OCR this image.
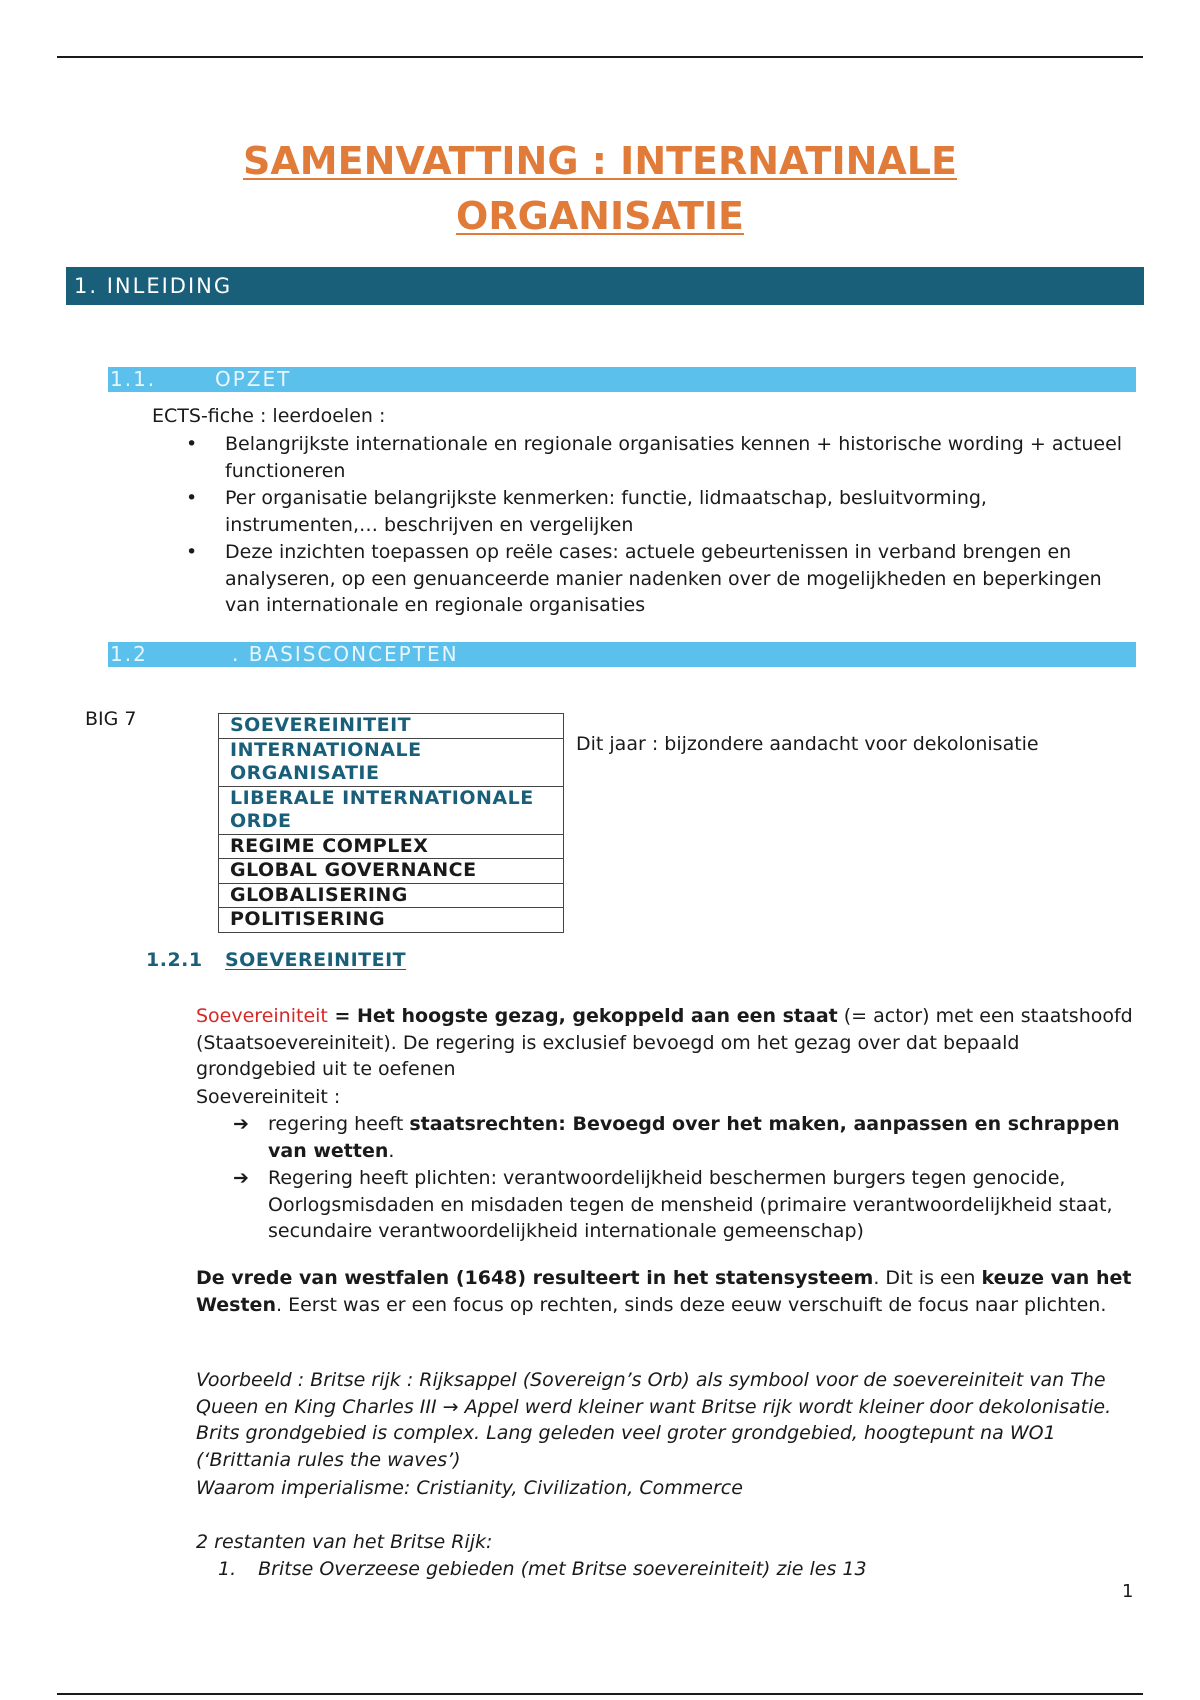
SAMENVATTING : INTERNATINALE
ORGANISATIE
1. INLEIDING
1.1.	OPZET

ECTS-fiche : leerdoelen :

• Belangrijkste internationale en regionale organisaties kennen + historische wording + actueel functioneren
• Per organisatie belangrijkste kenmerken: functie, lidmaatschap, besluitvorming, instrumenten,… beschrijven en vergelijken
• Deze inzichten toepassen op reële cases: actuele gebeurtenissen in verband brengen en analyseren, op een genuanceerde manier nadenken over de mogelijkheden en beperkingen van internationale en regionale organisaties
1.2	. BASISCONCEPTEN
BIG 7	SOEVEREINITEIT
INTERNATIONALE ORGANISATIE
LIBERALE INTERNATIONALE ORDE
REGIME COMPLEX
GLOBAL GOVERNANCE
GLOBALISERING
POLITISERING
Dit jaar : bijzondere aandacht voor dekolonisatie
1.2.1 SOEVEREINITEIT

Soevereiniteit = Het hoogste gezag, gekoppeld aan een staat (= actor) met een staatshoofd (Staatsoevereiniteit). De regering is exclusief bevoegd om het gezag over dat bepaald grondgebied uit te oefenen

Soevereiniteit :

➔ regering heeft staatsrechten: Bevoegd over het maken, aanpassen en schrappen van wetten.
➔ Regering heeft plichten: verantwoordelijkheid beschermen burgers tegen genocide, Oorlogsmisdaden en misdaden tegen de mensheid (primaire verantwoordelijkheid staat, secundaire verantwoordelijkheid internationale gemeenschap)

De vrede van westfalen (1648) resulteert in het statensysteem. Dit is een keuze van het Westen. Eerst was er een focus op rechten, sinds deze eeuw verschuift de focus naar plichten.

Voorbeeld : Britse rijk : Rijksappel (Sovereign’s Orb) als symbool voor de soevereiniteit van The Queen en King Charles III → Appel werd kleiner want Britse rijk wordt kleiner door dekolonisatie. Brits grondgebied is complex. Lang geleden veel groter grondgebied, hoogtepunt na WO1 (‘Brittania rules the waves’)

Waarom imperialisme: Cristianity, Civilization, Commerce

2 restanten van het Britse Rijk:

1. Britse Overzeese gebieden (met Britse soevereiniteit) zie les 13

1
